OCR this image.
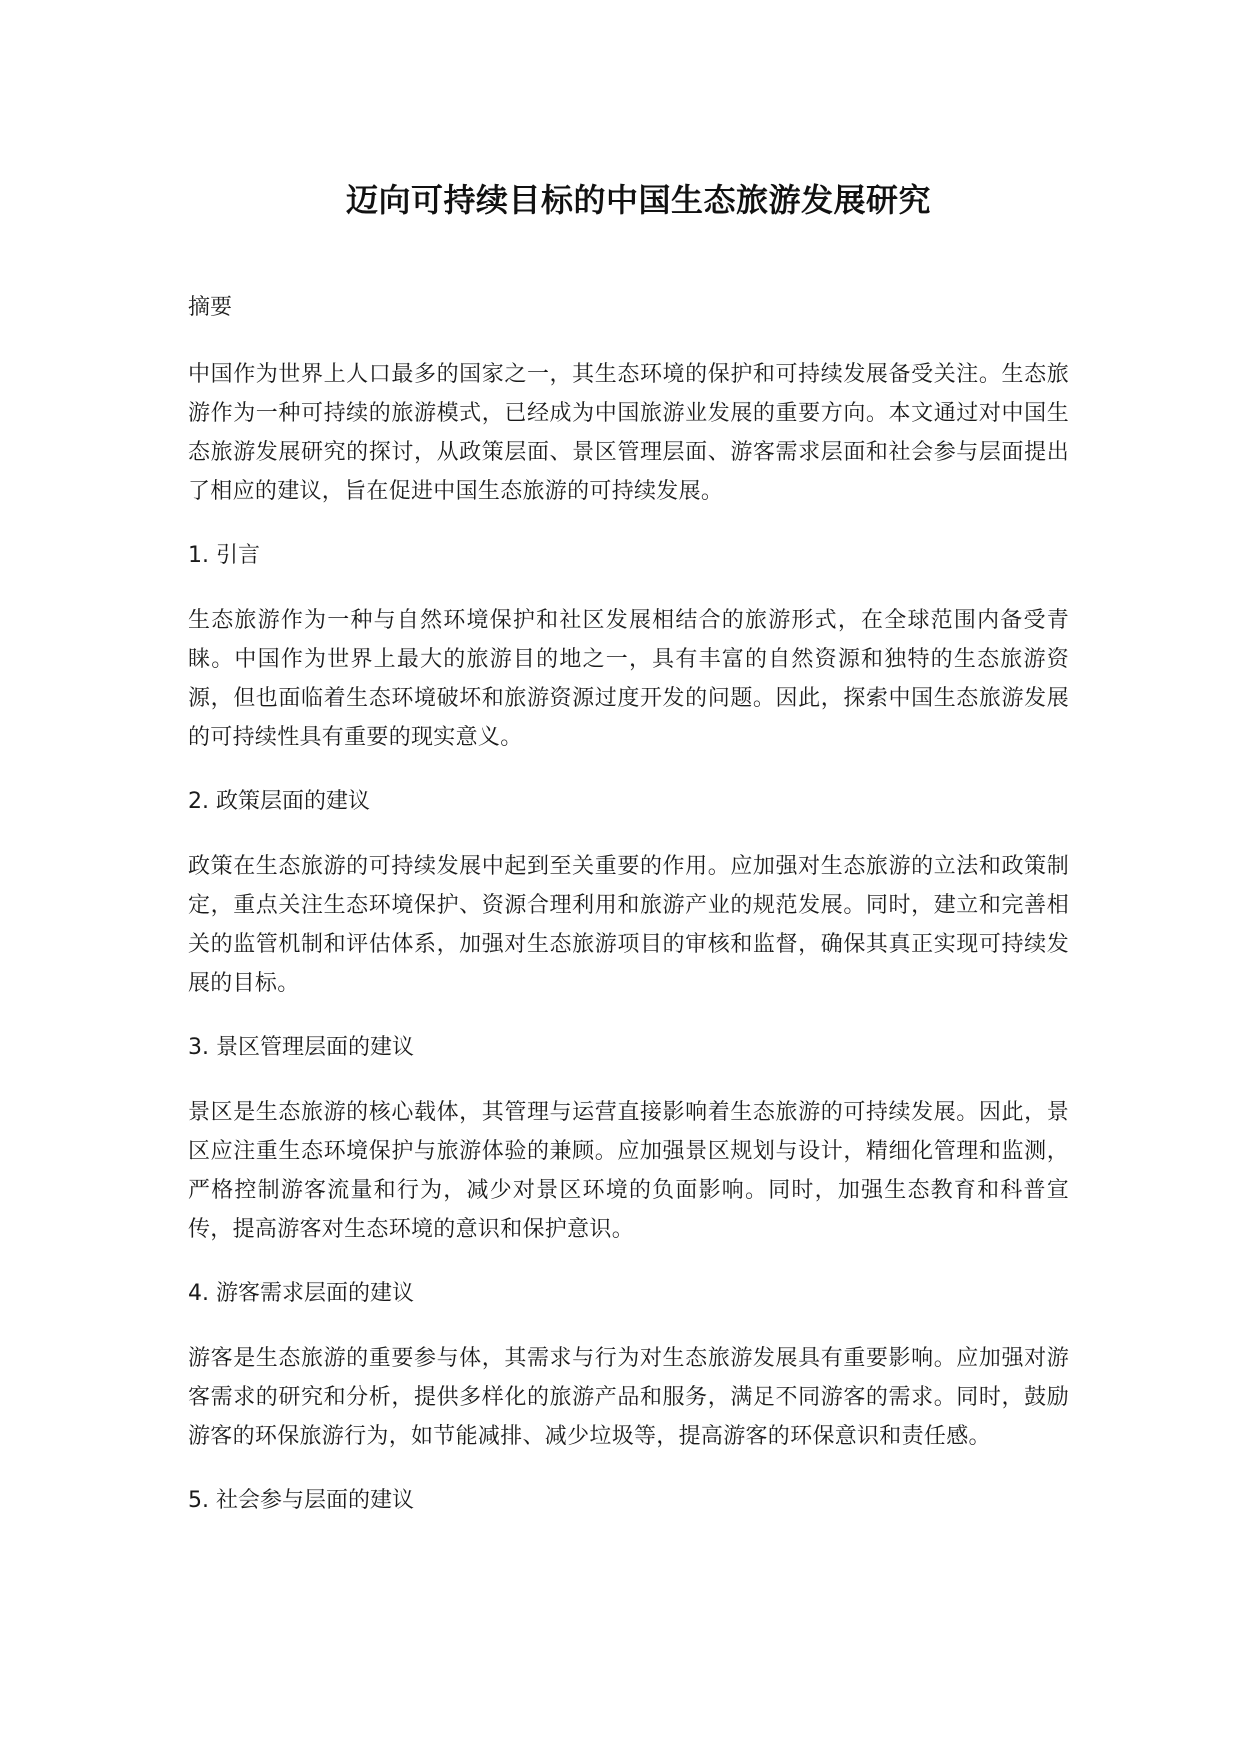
迈向可持续目标的中国生态旅游发展研究

摘要

中国作为世界上人口最多的国家之一，其生态环境的保护和可持续发展备受关注。生态旅游作为一种可持续的旅游模式，已经成为中国旅游业发展的重要方向。本文通过对中国生态旅游发展研究的探讨，从政策层面、景区管理层面、游客需求层面和社会参与层面提出了相应的建议，旨在促进中国生态旅游的可持续发展。

1. 引言

生态旅游作为一种与自然环境保护和社区发展相结合的旅游形式，在全球范围内备受青睐。中国作为世界上最大的旅游目的地之一，具有丰富的自然资源和独特的生态旅游资源，但也面临着生态环境破坏和旅游资源过度开发的问题。因此，探索中国生态旅游发展的可持续性具有重要的现实意义。

2. 政策层面的建议

政策在生态旅游的可持续发展中起到至关重要的作用。应加强对生态旅游的立法和政策制定，重点关注生态环境保护、资源合理利用和旅游产业的规范发展。同时，建立和完善相关的监管机制和评估体系，加强对生态旅游项目的审核和监督，确保其真正实现可持续发展的目标。

3. 景区管理层面的建议

景区是生态旅游的核心载体，其管理与运营直接影响着生态旅游的可持续发展。因此，景区应注重生态环境保护与旅游体验的兼顾。应加强景区规划与设计，精细化管理和监测，严格控制游客流量和行为，减少对景区环境的负面影响。同时，加强生态教育和科普宣传，提高游客对生态环境的意识和保护意识。

4. 游客需求层面的建议

游客是生态旅游的重要参与体，其需求与行为对生态旅游发展具有重要影响。应加强对游客需求的研究和分析，提供多样化的旅游产品和服务，满足不同游客的需求。同时，鼓励游客的环保旅游行为，如节能减排、减少垃圾等，提高游客的环保意识和责任感。

5. 社会参与层面的建议
